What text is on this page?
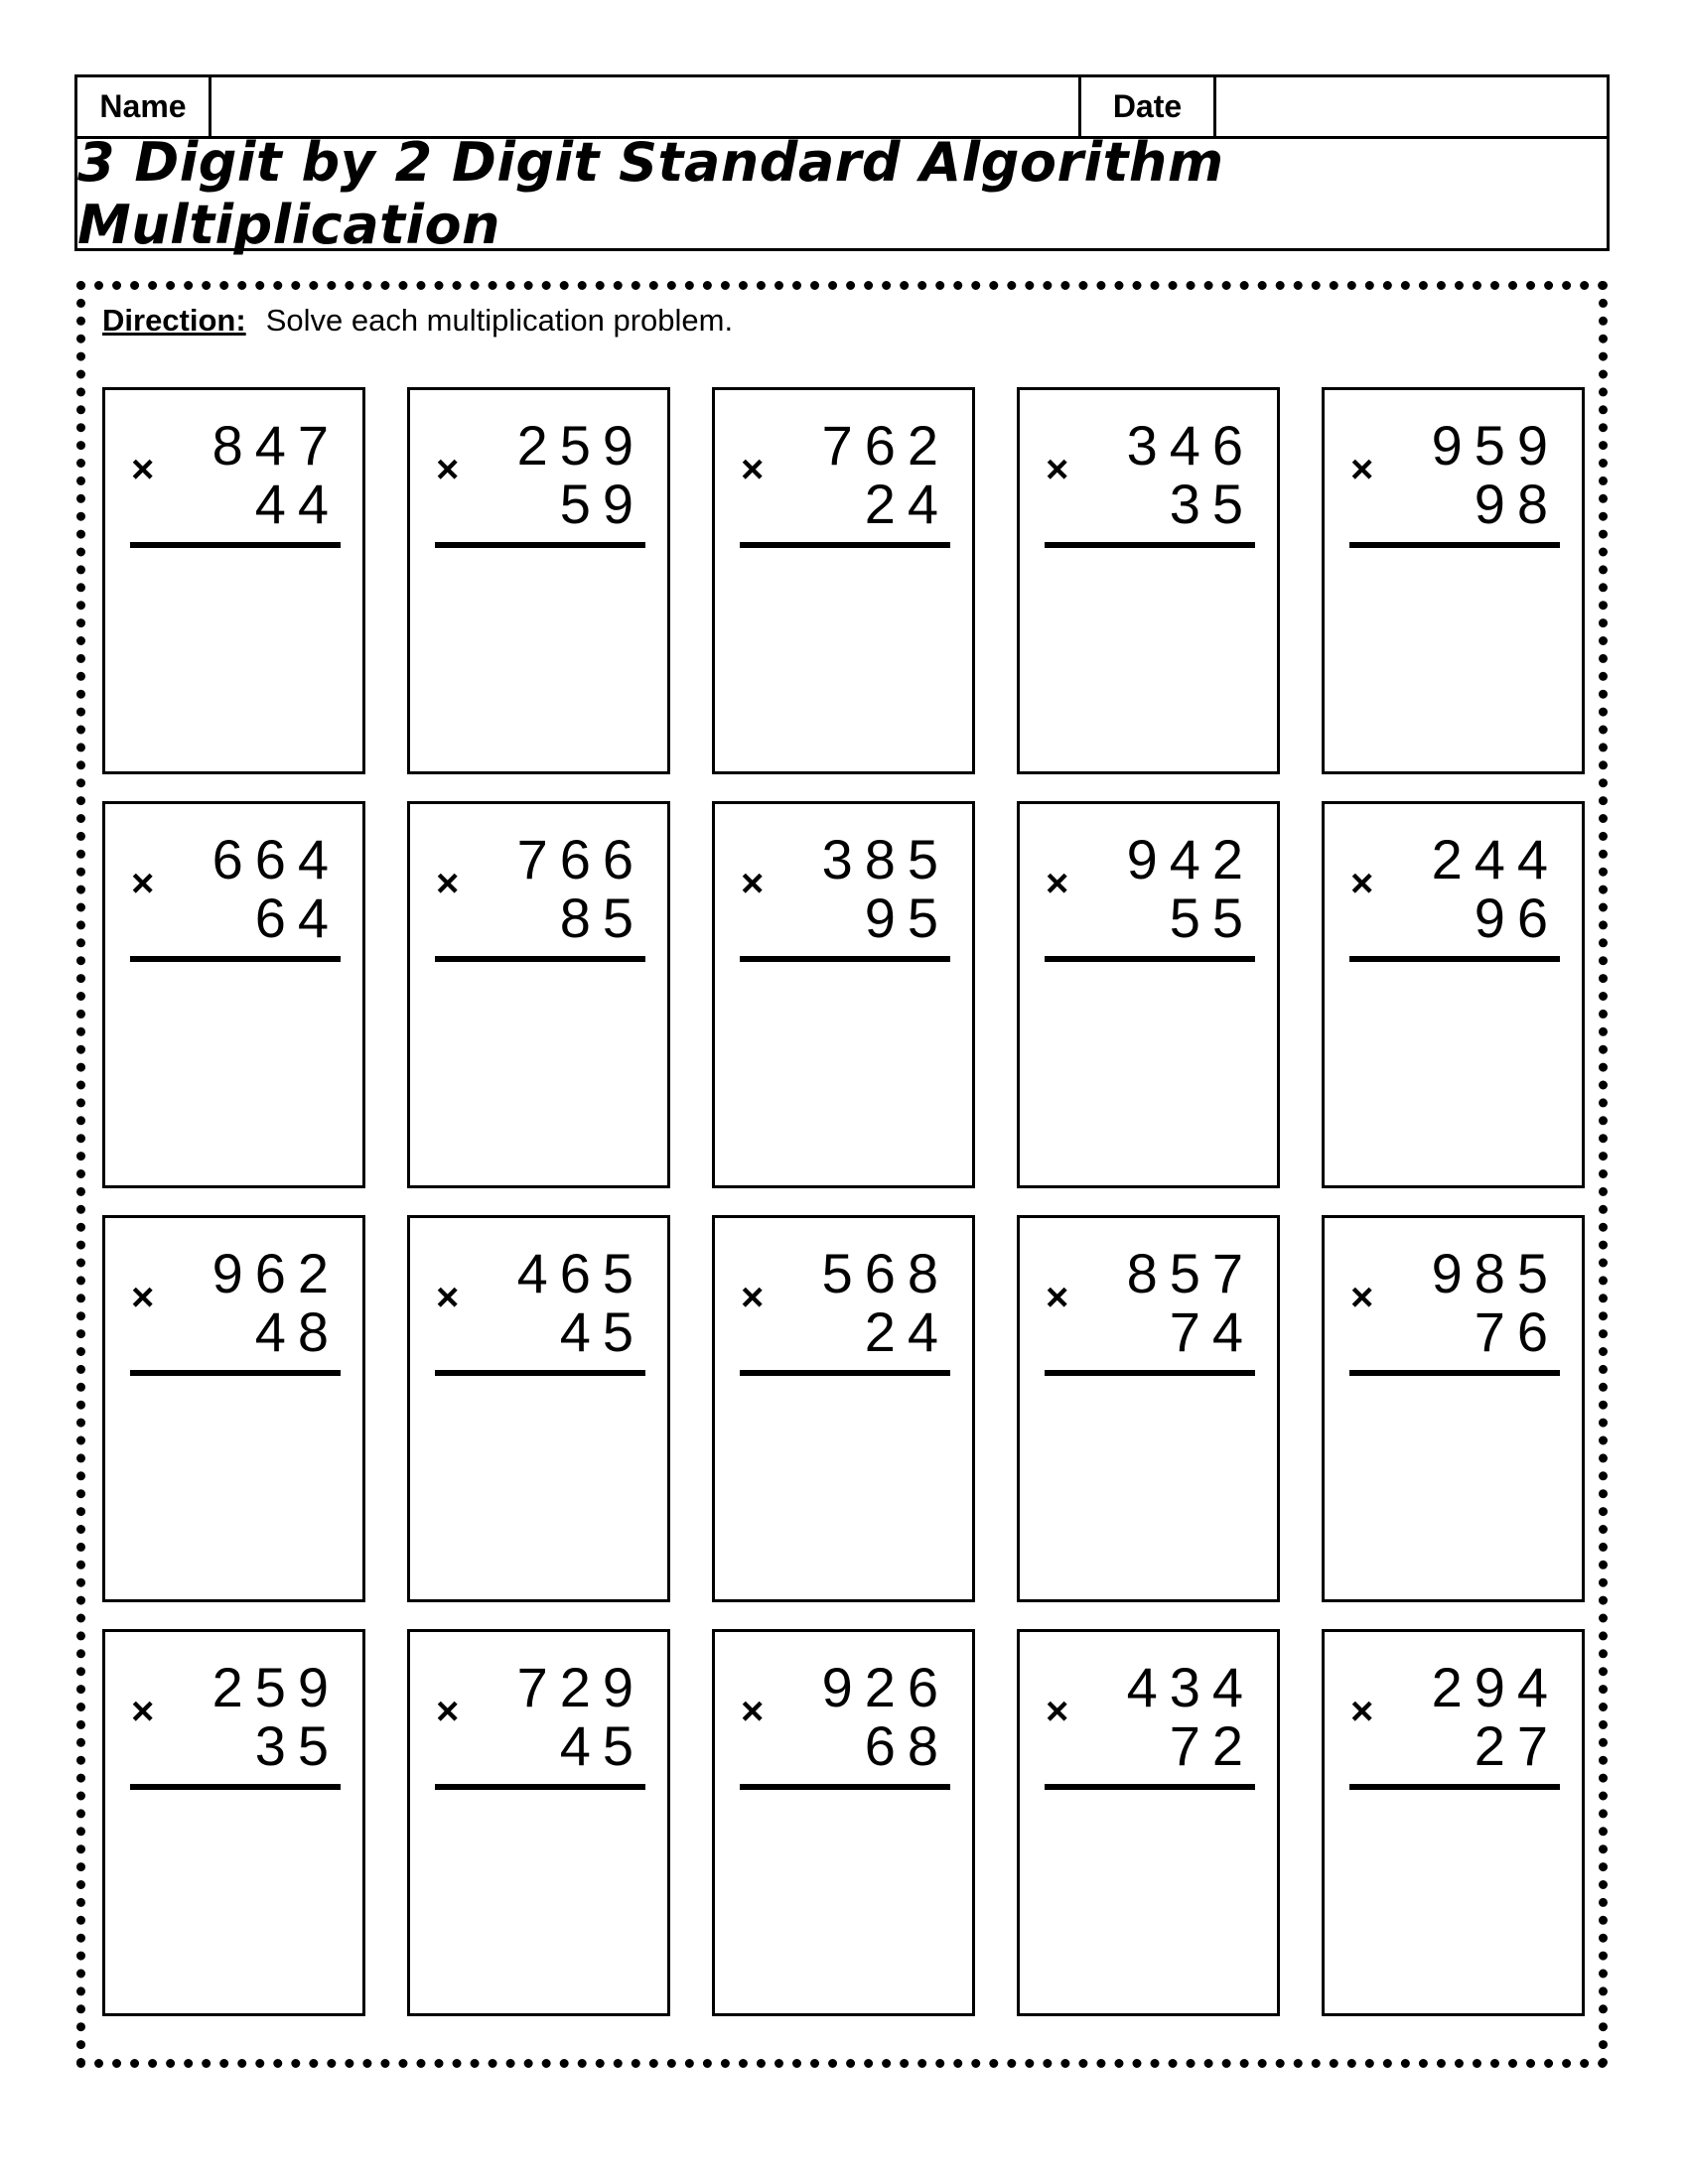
Name	Date
3 Digit by 2 Digit Standard Algorithm Multiplication
Direction: Solve each multiplication problem.
× 847
44
× 259
59
× 762
24
× 346
35
× 959
98
× 664
64
× 766
85
× 385
95
× 942
55
× 244
96
× 962
48
× 465
45
× 568
24
× 857
74
× 985
76
× 259
35
× 729
45
× 926
68
× 434
72
× 294
27
